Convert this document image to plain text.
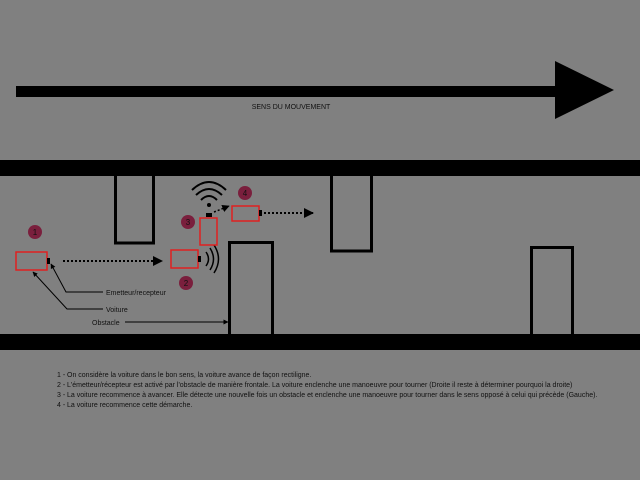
SENS DU MOUVEMENT
1
2
3
4
Emetteur/recepteur
Voiture
Obstacle

1 - On considère la voiture dans le bon sens, la voiture avance de façon rectiligne.

2 - L'émetteur/récepteur est activé par l'obstacle de manière frontale. La voiture enclenche une manoeuvre pour tourner (Droite il reste à déterminer pourquoi la droite)

3 - La voiture recommence à avancer. Elle détecte une nouvelle fois un obstacle et enclenche une manoeuvre pour tourner dans le sens opposé à celui qui précède (Gauche).

4 - La voiture recommence cette démarche.
